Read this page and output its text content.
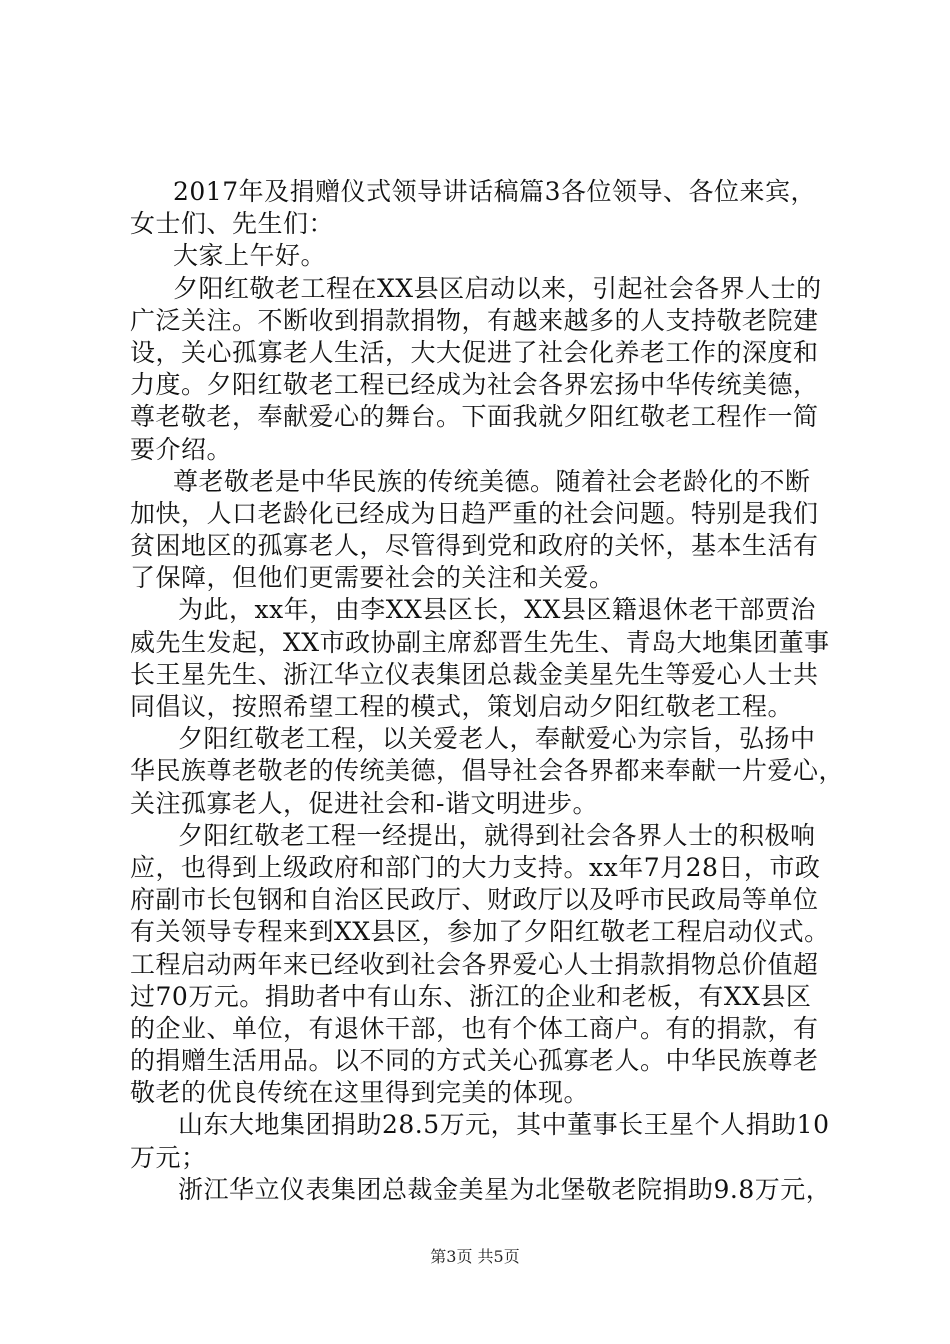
2017年及捐赠仪式领导讲话稿篇3各位领导、各位来宾，
女士们、先生们：
大家上午好。
夕阳红敬老工程在XX县区启动以来，引起社会各界人士的
广泛关注。不断收到捐款捐物，有越来越多的人支持敬老院建
设，关心孤寡老人生活，大大促进了社会化养老工作的深度和
力度。夕阳红敬老工程已经成为社会各界宏扬中华传统美德，
尊老敬老，奉献爱心的舞台。下面我就夕阳红敬老工程作一简
要介绍。
尊老敬老是中华民族的传统美德。随着社会老龄化的不断
加快，人口老龄化已经成为日趋严重的社会问题。特别是我们
贫困地区的孤寡老人，尽管得到党和政府的关怀，基本生活有
了保障，但他们更需要社会的关注和关爱。
为此，xx年，由李XX县区长，XX县区籍退休老干部贾治
威先生发起，XX市政协副主席郄晋生先生、青岛大地集团董事
长王星先生、浙江华立仪表集团总裁金美星先生等爱心人士共
同倡议，按照希望工程的模式，策划启动夕阳红敬老工程。
夕阳红敬老工程，以关爱老人，奉献爱心为宗旨，弘扬中
华民族尊老敬老的传统美德，倡导社会各界都来奉献一片爱心，
关注孤寡老人，促进社会和-谐文明进步。
夕阳红敬老工程一经提出，就得到社会各界人士的积极响
应，也得到上级政府和部门的大力支持。xx年7月28日，市政
府副市长包钢和自治区民政厅、财政厅以及呼市民政局等单位
有关领导专程来到XX县区，参加了夕阳红敬老工程启动仪式。
工程启动两年来已经收到社会各界爱心人士捐款捐物总价值超
过70万元。捐助者中有山东、浙江的企业和老板，有XX县区
的企业、单位，有退休干部，也有个体工商户。有的捐款，有
的捐赠生活用品。以不同的方式关心孤寡老人。中华民族尊老
敬老的优良传统在这里得到完美的体现。
山东大地集团捐助28.5万元，其中董事长王星个人捐助10
万元；
浙江华立仪表集团总裁金美星为北堡敬老院捐助9.8万元，
第3页 共5页
